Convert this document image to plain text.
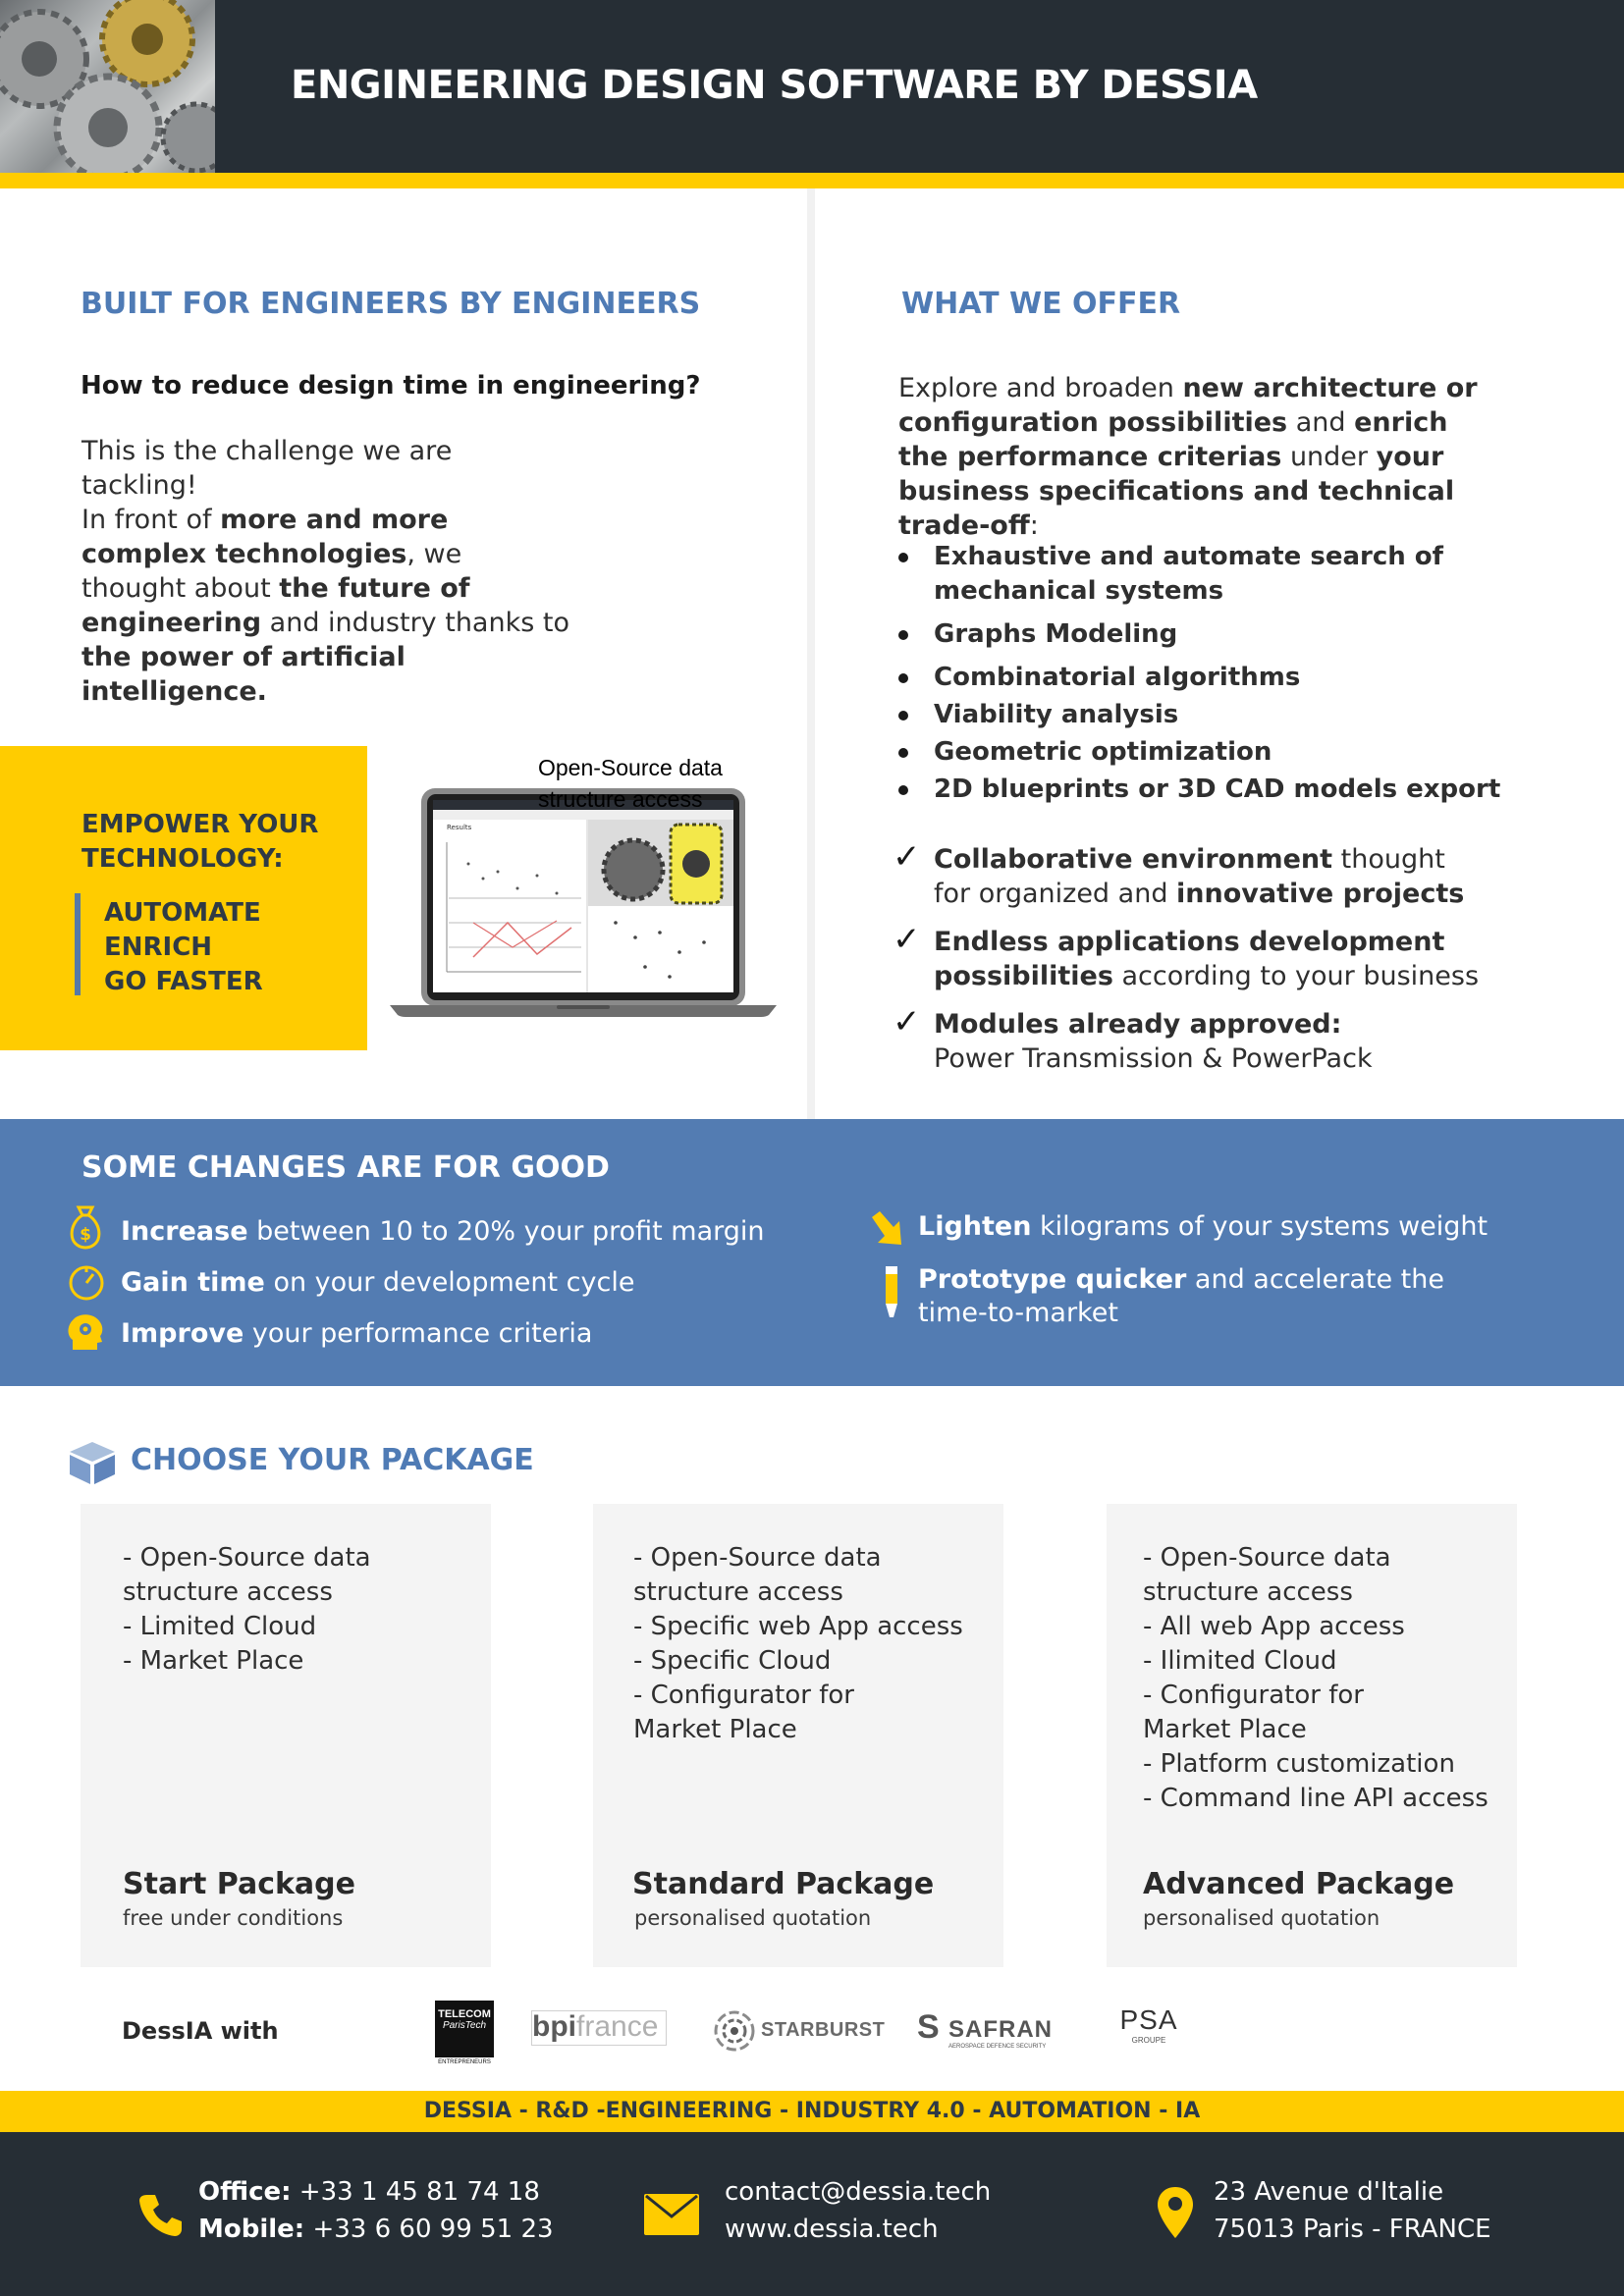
ENGINEERING DESIGN SOFTWARE BY DESSIA
BUILT FOR ENGINEERS BY ENGINEERS
How to reduce design time in engineering?
This is the challenge we are tackling!
In front of more and more complex technologies, we thought about the future of engineering and industry thanks to the power of artificial intelligence.
EMPOWER YOUR
TECHNOLOGY:
AUTOMATE
ENRICH
GO FASTER
Results
Open-Source data
structure access
WHAT WE OFFER
Explore and broaden new architecture or configuration possibilities and enrich the performance criterias under your business specifications and technical trade-off:
Exhaustive and automate search of mechanical systems
Graphs Modeling
Combinatorial algorithms
Viability analysis
Geometric optimization
2D blueprints or 3D CAD models export
✓ Collaborative environment thought for organized and innovative projects
✓ Endless applications development possibilities according to your business
✓ Modules already approved:
Power Transmission & PowerPack
SOME CHANGES ARE FOR GOOD
$ Increase between 10 to 20% your profit margin
Gain time on your development cycle
Improve your performance criteria
Lighten kilograms of your systems weight
Prototype quicker and accelerate the time-to-market
CHOOSE YOUR PACKAGE
- Open-Source data
structure access
- Limited Cloud
- Market Place
Start Package
free under conditions
- Open-Source data
structure access
- Specific web App access
- Specific Cloud
- Configurator for
Market Place
Standard Package
personalised quotation
- Open-Source data
structure access
- All web App access
- Ilimited Cloud
- Configurator for
Market Place
- Platform customization
- Command line API access
Advanced Package
personalised quotation
DessIA with
TELECOM
ParisTech
ENTREPRENEURS
bpifrance	STARBURST S SAFRAN
AEROSPACE DEFENCE SECURITY
PSA
GROUPE
DESSIA - R&D -ENGINEERING - INDUSTRY 4.0 - AUTOMATION - IA
Office: +33 1 45 81 74 18
Mobile: +33 6 60 99 51 23
contact@dessia.tech
www.dessia.tech
23 Avenue d'Italie
75013 Paris - FRANCE
